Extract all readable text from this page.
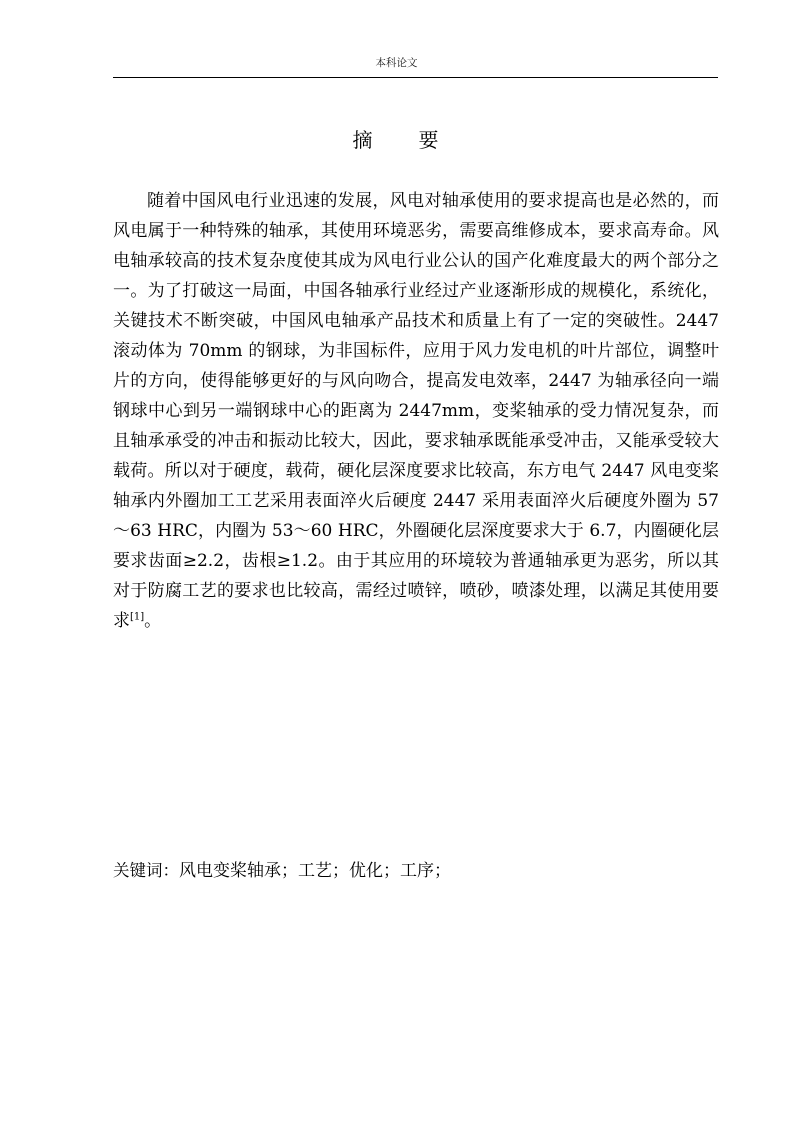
本科论文
摘 要

随着中国风电行业迅速的发展，风电对轴承使用的要求提高也是必然的，而风电属于一种特殊的轴承，其使用环境恶劣，需要高维修成本，要求高寿命。风电轴承较高的技术复杂度使其成为风电行业公认的国产化难度最大的两个部分之一。为了打破这一局面，中国各轴承行业经过产业逐渐形成的规模化，系统化，关键技术不断突破，中国风电轴承产品技术和质量上有了一定的突破性。2447 滚动体为 70mm 的钢球，为非国标件，应用于风力发电机的叶片部位，调整叶片的方向，使得能够更好的与风向吻合，提高发电效率，2447 为轴承径向一端钢球中心到另一端钢球中心的距离为 2447mm，变桨轴承的受力情况复杂，而且轴承承受的冲击和振动比较大，因此，要求轴承既能承受冲击，又能承受较大载荷。所以对于硬度，载荷，硬化层深度要求比较高，东方电气 2447 风电变桨轴承内外圈加工工艺采用表面淬火后硬度 2447 采用表面淬火后硬度外圈为 57～63 HRC，内圈为 53～60 HRC，外圈硬化层深度要求大于 6.7，内圈硬化层要求齿面≥2.2，齿根≥1.2。由于其应用的环境较为普通轴承更为恶劣，所以其对于防腐工艺的要求也比较高，需经过喷锌，喷砂，喷漆处理，以满足其使用要求[1]。

关键词：风电变桨轴承；工艺；优化；工序；
